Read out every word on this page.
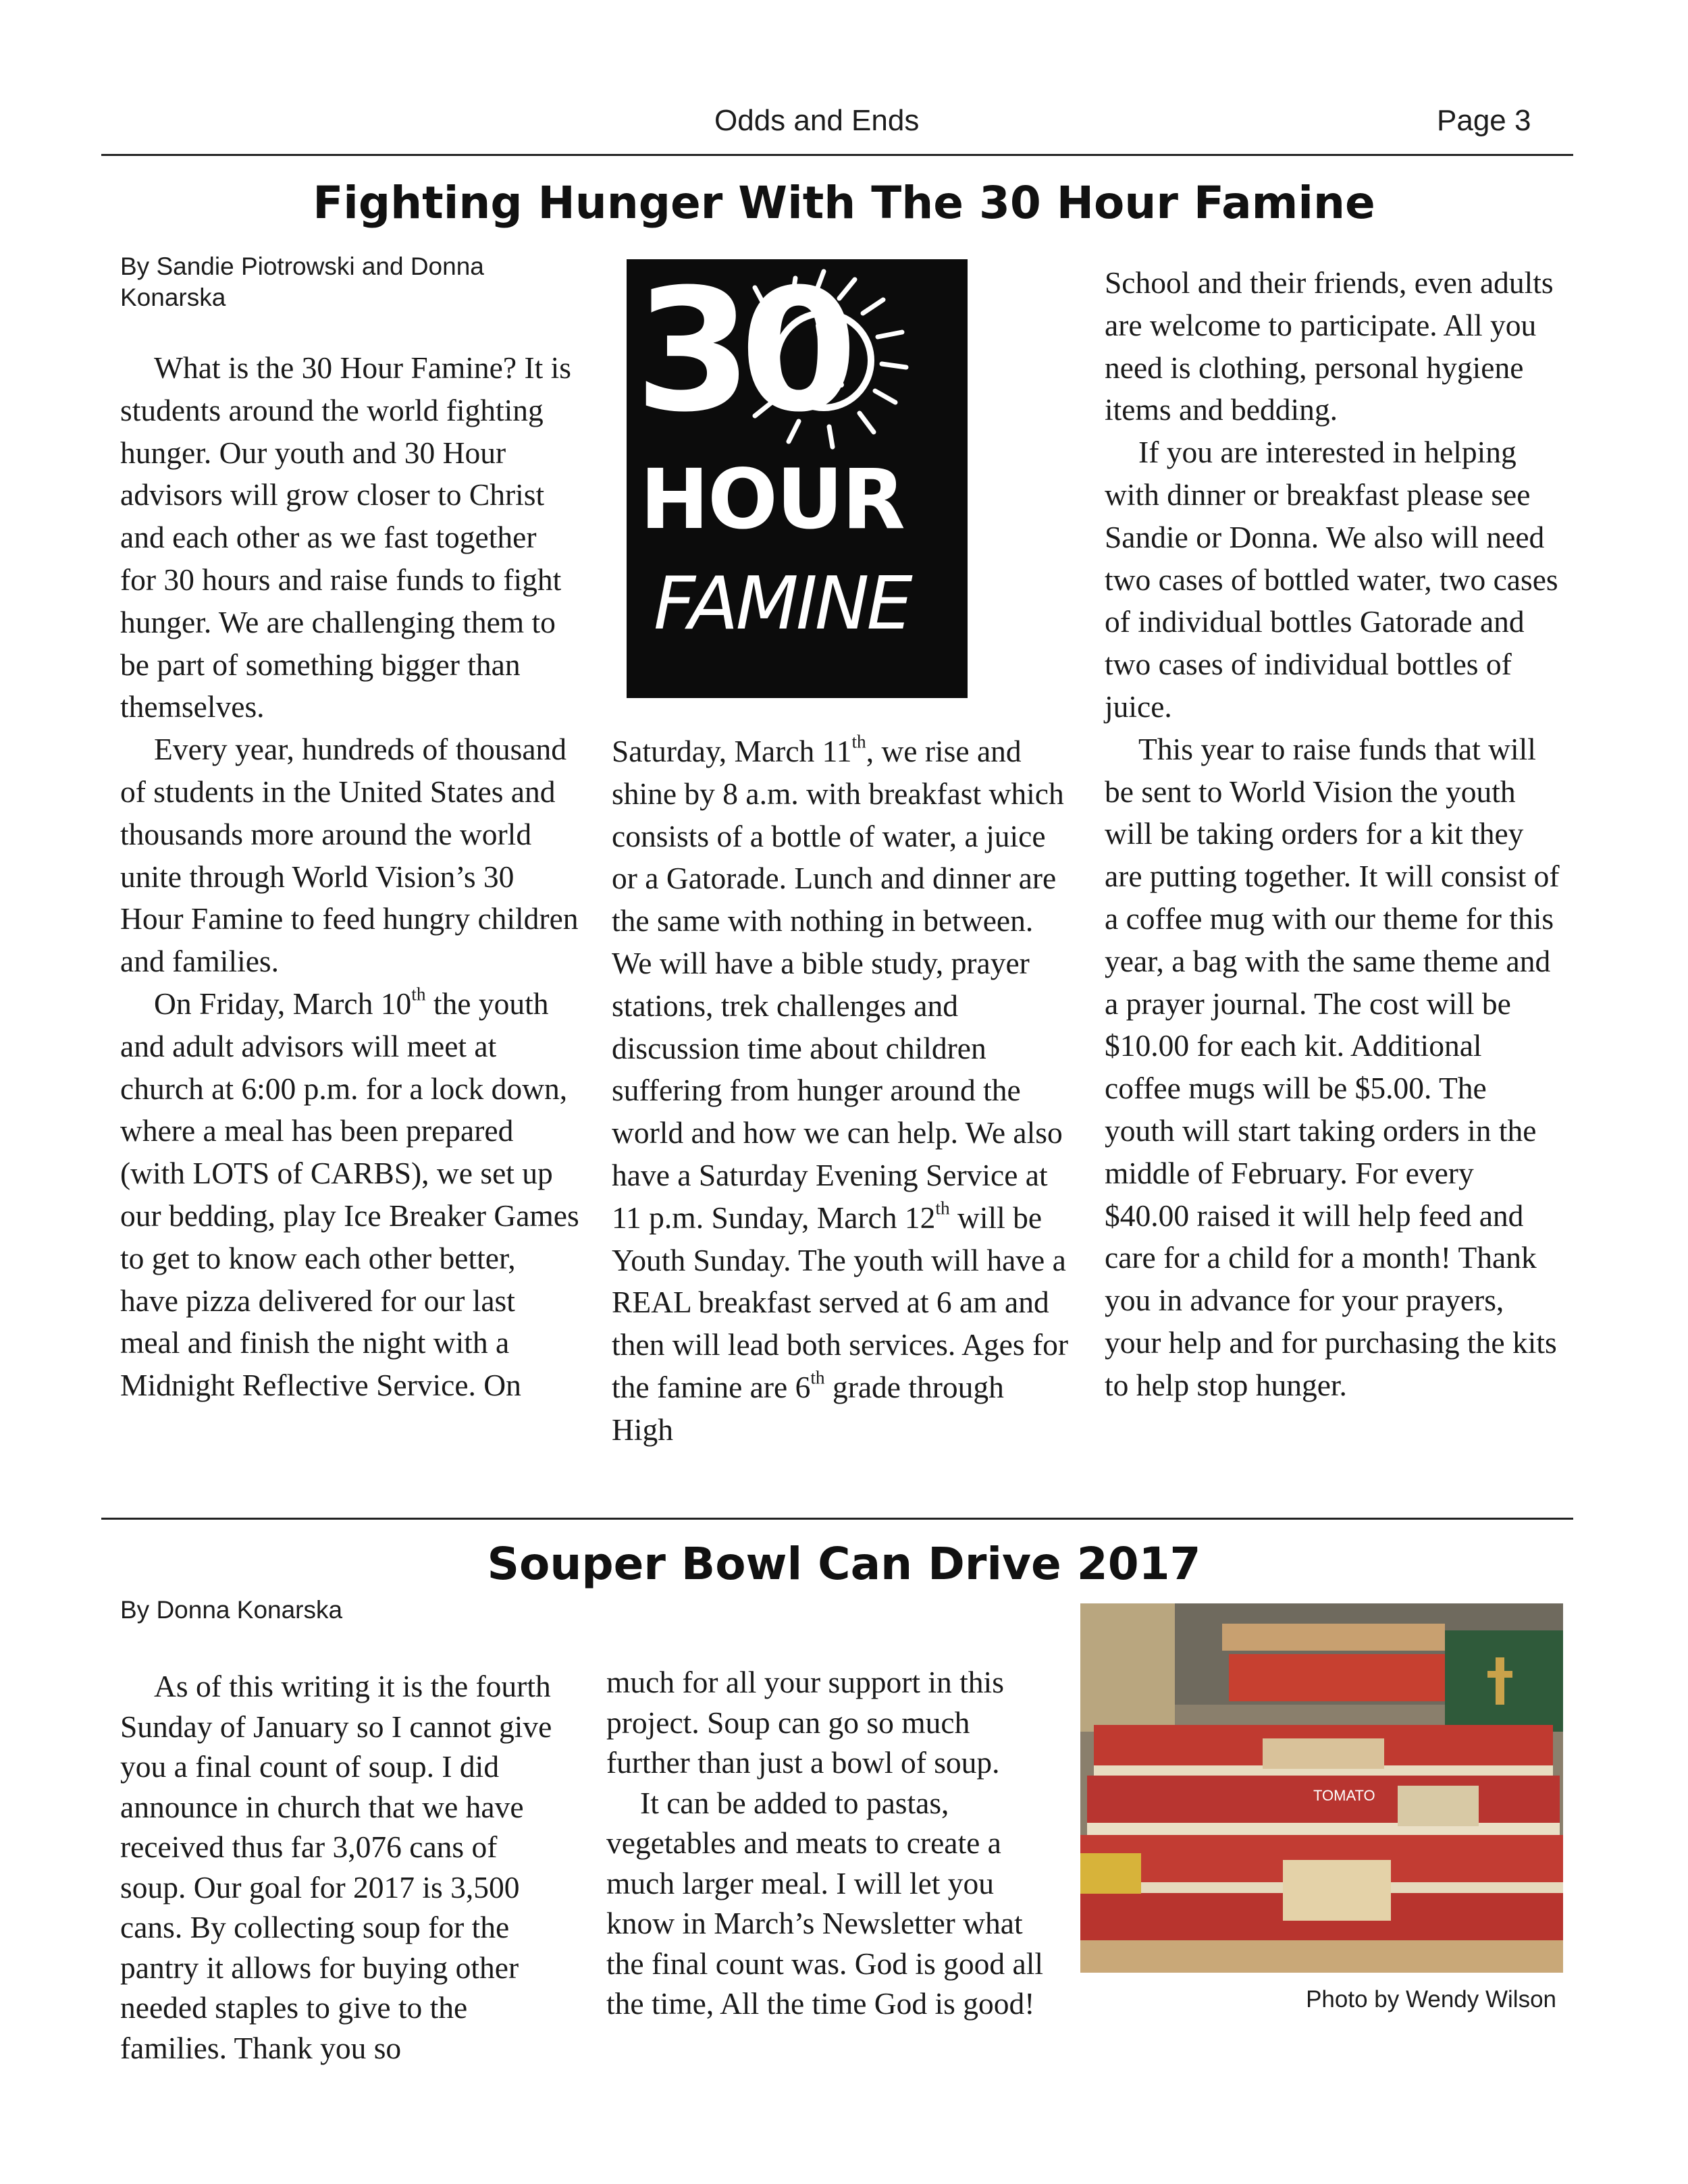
Odds and Ends	Page 3
Fighting Hunger With The 30 Hour Famine
By Sandie Piotrowski and Donna Konarska

What is the 30 Hour Famine? It is students around the world fighting hunger. Our youth and 30 Hour advisors will grow closer to Christ and each other as we fast together for 30 hours and raise funds to fight hunger. We are challenging them to be part of something bigger than themselves.

Every year, hundreds of thousand of students in the United States and thousands more around the world unite through World Vision’s 30 Hour Famine to feed hungry children and families.

On Friday, March 10th the youth and adult advisors will meet at church at 6:00 p.m. for a lock down, where a meal has been prepared (with LOTS of CARBS), we set up our bedding, play Ice Breaker Games to get to know each other better, have pizza delivered for our last meal and finish the night with a Midnight Reflective Service. On

30
HOUR
FAMINE

Saturday, March 11th, we rise and shine by 8 a.m. with breakfast which consists of a bottle of water, a juice or a Gatorade. Lunch and dinner are the same with nothing in between. We will have a bible study, prayer stations, trek challenges and discussion time about children suffering from hunger around the world and how we can help. We also have a Saturday Evening Service at 11 p.m. Sunday, March 12th will be Youth Sunday. The youth will have a REAL breakfast served at 6 am and then will lead both services. Ages for the famine are 6th grade through High

School and their friends, even adults are welcome to participate. All you need is clothing, personal hygiene items and bedding.

If you are interested in helping with dinner or breakfast please see Sandie or Donna. We also will need two cases of bottled water, two cases of individual bottles Gatorade and two cases of individual bottles of juice.

This year to raise funds that will be sent to World Vision the youth will be taking orders for a kit they are putting together. It will consist of a coffee mug with our theme for this year, a bag with the same theme and a prayer journal. The cost will be $10.00 for each kit. Additional coffee mugs will be $5.00. The youth will start taking orders in the middle of February. For every $40.00 raised it will help feed and care for a child for a month! Thank you in advance for your prayers, your help and for purchasing the kits to help stop hunger.

Souper Bowl Can Drive 2017
By Donna Konarska

As of this writing it is the fourth Sunday of January so I cannot give you a final count of soup. I did announce in church that we have received thus far 3,076 cans of soup. Our goal for 2017 is 3,500 cans. By collecting soup for the pantry it allows for buying other needed staples to give to the families. Thank you so

much for all your support in this project. Soup can go so much further than just a bowl of soup.

It can be added to pastas, vegetables and meats to create a much larger meal. I will let you know in March’s Newsletter what the final count was. God is good all the time, All the time God is good!

TOMATO
Photo by Wendy Wilson
